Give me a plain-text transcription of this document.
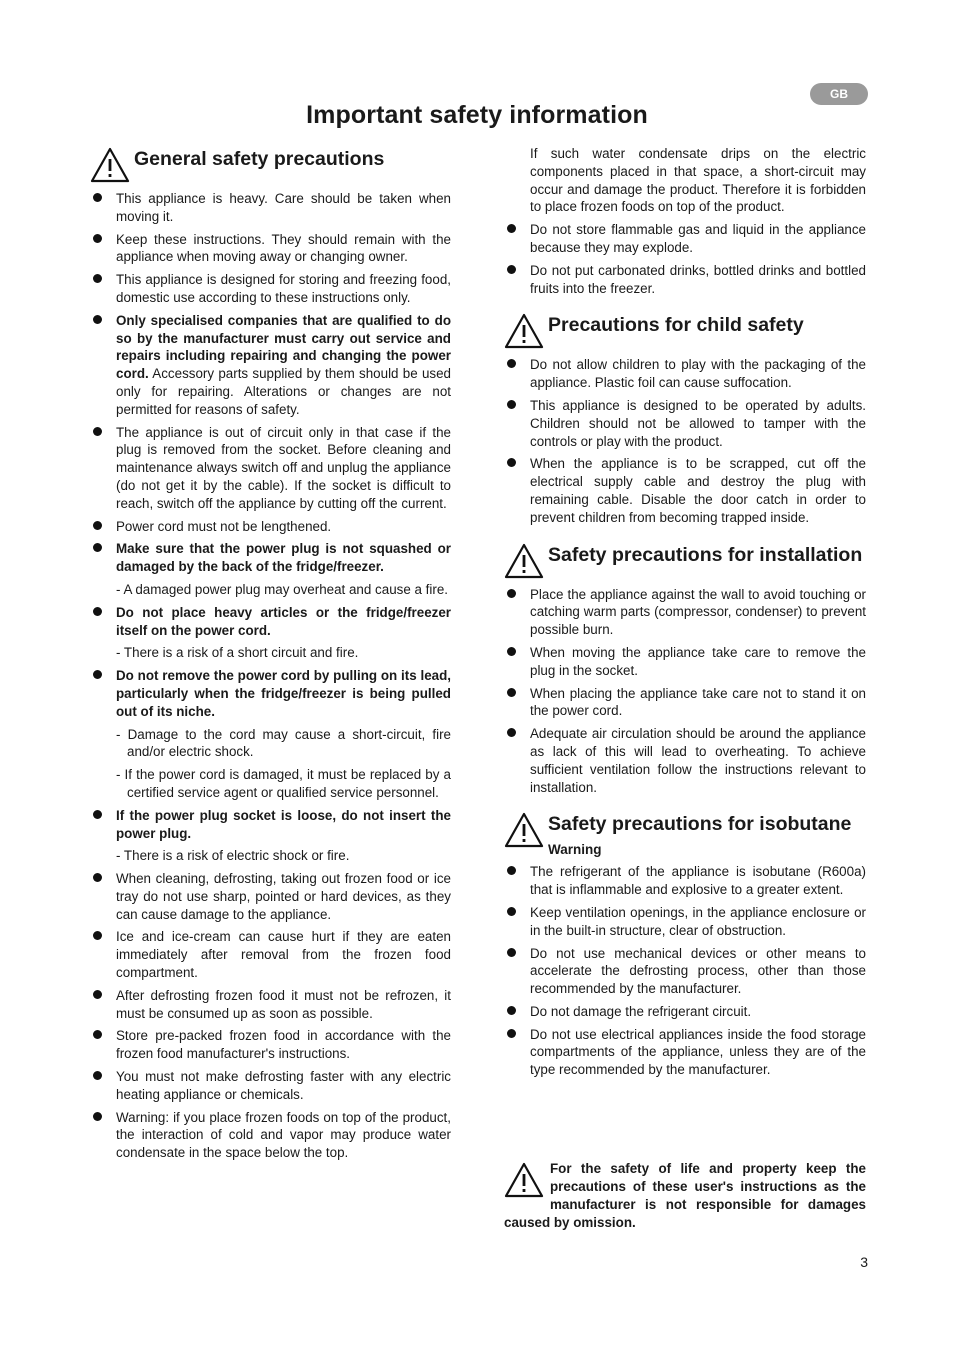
GB
Important safety information
General safety precautions
This appliance is heavy. Care should be taken when moving it.
Keep these instructions. They should remain with the appliance when moving away or changing owner.
This appliance is designed for storing and freezing food, domestic use according to these instructions only.
Only specialised companies that are qualified to do so by the manufacturer must carry out service and repairs including repairing and changing the power cord. Accessory parts supplied by them should be used only for repairing. Alterations or changes are not permitted for reasons of safety.
The appliance is out of circuit only in that case if the plug is removed from the socket. Before cleaning and maintenance always switch off and unplug the appliance (do not get it by the cable). If the socket is difficult to reach, switch off the appliance by cutting off the current.
Power cord must not be lengthened.
Make sure that the power plug is not squashed or damaged by the back of the fridge/freezer.
- A damaged power plug may overheat and cause a fire.
Do not place heavy articles or the fridge/freezer itself on the power cord.
- There is a risk of a short circuit and fire.
Do not remove the power cord by pulling on its lead, particularly when the fridge/freezer is being pulled out of its niche.
- Damage to the cord may cause a short-circuit, fire and/or electric shock.
- If the power cord is damaged, it must be replaced by a certified service agent or qualified service personnel.
If the power plug socket is loose, do not insert the power plug.
- There is a risk of electric shock or fire.
When cleaning, defrosting, taking out frozen food or ice tray do not use sharp, pointed or hard devices, as they can cause damage to the appliance.
Ice and ice-cream can cause hurt if they are eaten immediately after removal from the frozen food compartment.
After defrosting frozen food it must not be refrozen, it must be consumed up as soon as possible.
Store pre-packed frozen food in accordance with the frozen food manufacturer's instructions.
You must not make defrosting faster with any electric heating appliance or chemicals.
Warning: if you place frozen foods on top of the product, the interaction of cold and vapor may produce water condensate in the space below the top.
If such water condensate drips on the electric components placed in that space, a short-circuit may occur and damage the product. Therefore it is forbidden to place frozen foods on top of the product.
Do not store flammable gas and liquid in the appliance because they may explode.
Do not put carbonated drinks, bottled drinks and bottled fruits into the freezer.
Precautions for child safety
Do not allow children to play with the packaging of the appliance. Plastic foil can cause suffocation.
This appliance is designed to be operated by adults. Children should not be allowed to tamper with the controls or play with the product.
When the appliance is to be scrapped, cut off the electrical supply cable and destroy the plug with remaining cable. Disable the door catch in order to prevent children from becoming trapped inside.
Safety precautions for installation
Place the appliance against the wall to avoid touching or catching warm parts (compressor, condenser) to prevent possible burn.
When moving the appliance take care to remove the plug in the socket.
When placing the appliance take care not to stand it on the power cord.
Adequate air circulation should be around the appliance as lack of this will lead to overheating. To achieve sufficient ventilation follow the instructions relevant to installation.
Safety precautions for isobutane
Warning
The refrigerant of the appliance is isobutane (R600a) that is inflammable and explosive to a greater extent.
Keep ventilation openings, in the appliance enclosure or in the built-in structure, clear of obstruction.
Do not use mechanical devices or other means to accelerate the defrosting process, other than those recommended by the manufacturer.
Do not damage the refrigerant circuit.
Do not use electrical appliances inside the food storage compartments of the appliance, unless they are of the type recommended by the manufacturer.
For the safety of life and property keep the precautions of these user's instructions as the manufacturer is not responsible for damages caused by omission.
3
